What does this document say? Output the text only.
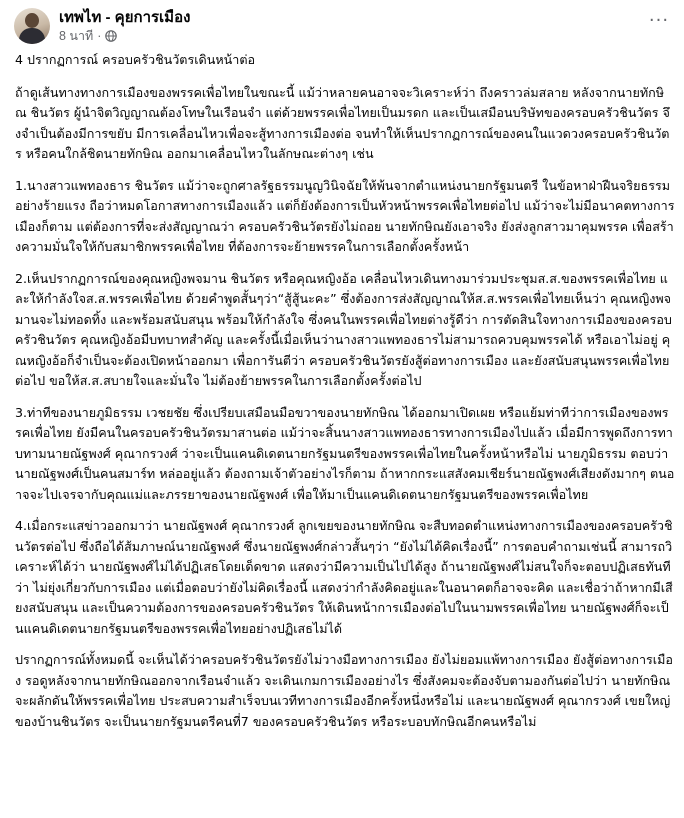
เทพไท - คุยการเมือง
8 นาที ·
···

4 ปรากฏการณ์ ครอบครัวชินวัตรเดินหน้าต่อ

ถ้าดูเส้นทางทางการเมืองของพรรคเพื่อไทยในขณะนี้ แม้ว่าหลายคนอาจจะวิเคราะห์ว่า ถึงคราวล่มสลาย หลังจากนายทักษิณ ชินวัตร ผู้นำจิตวิญญาณต้องโทษในเรือนจำ แต่ด้วยพรรคเพื่อไทยเป็นมรดก และเป็นเสมือนบริษัทของครอบครัวชินวัตร จึงจำเป็นต้องมีการขยับ มีการเคลื่อนไหวเพื่อจะสู้ทางการเมืองต่อ จนทำให้เห็นปรากฏการณ์ของคนในแวดวงครอบครัวชินวัตร หรือคนใกล้ชิดนายทักษิณ ออกมาเคลื่อนไหวในลักษณะต่างๆ เช่น

1.นางสาวแพทองธาร ชินวัตร แม้ว่าจะถูกศาลรัฐธรรมนูญวินิจฉัยให้พ้นจากตำแหน่งนายกรัฐมนตรี ในข้อหาฝ่าฝืนจริยธรรมอย่างร้ายแรง ถือว่าหมดโอกาสทางการเมืองแล้ว แต่ก็ยังต้องการเป็นหัวหน้าพรรคเพื่อไทยต่อไป แม้ว่าจะไม่มีอนาคตทางการเมืองก็ตาม แต่ต้องการที่จะส่งสัญญาณว่า ครอบครัวชินวัตรยังไม่ถอย นายทักษิณยังเอาจริง ยังส่งลูกสาวมาคุมพรรค เพื่อสร้างความมั่นใจให้กับสมาชิกพรรคเพื่อไทย ที่ต้องการจะย้ายพรรคในการเลือกตั้งครั้งหน้า

2.เห็นปรากฏการณ์ของคุณหญิงพจมาน ชินวัตร หรือคุณหญิงอ้อ เคลื่อนไหวเดินทางมาร่วมประชุมส.ส.ของพรรคเพื่อไทย และให้กำลังใจส.ส.พรรคเพื่อไทย ด้วยคำพูดสั้นๆว่า“สู้สู้นะคะ” ซึ่งต้องการส่งสัญญาณให้ส.ส.พรรคเพื่อไทยเห็นว่า คุณหญิงพจมานจะไม่ทอดทิ้ง และพร้อมสนับสนุน พร้อมให้กำลังใจ ซึ่งคนในพรรคเพื่อไทยต่างรู้ดีว่า การตัดสินใจทางการเมืองของครอบครัวชินวัตร คุณหญิงอ้อมีบทบาทสำคัญ และครั้งนี้เมื่อเห็นว่านางสาวแพทองธารไม่สามารถควบคุมพรรคได้ หรือเอาไม่อยู่ คุณหญิงอ้อก็จำเป็นจะต้องเปิดหน้าออกมา เพื่อการันตีว่า ครอบครัวชินวัตรยังสู้ต่อทางการเมือง และยังสนับสนุนพรรคเพื่อไทยต่อไป ขอให้ส.ส.สบายใจและมั่นใจ ไม่ต้องย้ายพรรคในการเลือกตั้งครั้งต่อไป

3.ท่าทีของนายภูมิธรรม เวชยชัย ซึ่งเปรียบเสมือนมือขวาของนายทักษิณ ได้ออกมาเปิดเผย หรือแย้มท่าทีว่าการเมืองของพรรคเพื่อไทย ยังมีคนในครอบครัวชินวัตรมาสานต่อ แม้ว่าจะสิ้นนางสาวแพทองธารทางการเมืองไปแล้ว เมื่อมีการพูดถึงการทาบทามนายณัฐพงศ์ คุณากรวงศ์ ว่าจะเป็นแคนดิเดตนายกรัฐมนตรีของพรรคเพื่อไทยในครั้งหน้าหรือไม่ นายภูมิธรรม ตอบว่า นายณัฐพงศ์เป็นคนสมาร์ท หล่ออยู่แล้ว ต้องถามเจ้าตัวอย่างไรก็ตาม ถ้าหากกระแสสังคมเชียร์นายณัฐพงศ์เสียงดังมากๆ ตนอาจจะไปเจรจากับคุณแม่และภรรยาของนายณัฐพงศ์ เพื่อให้มาเป็นแคนดิเดตนายกรัฐมนตรีของพรรคเพื่อไทย

4.เมื่อกระแสข่าวออกมาว่า นายณัฐพงศ์ คุณากรวงศ์ ลูกเขยของนายทักษิณ จะสืบทอดตำแหน่งทางการเมืองของครอบครัวชินวัตรต่อไป ซึ่งถือได้ส้มภาษณ์นายณัฐพงศ์ ซึ่งนายณัฐพงศ์กล่าวสั้นๆว่า “ยังไม่ได้คิดเรื่องนี้” การตอบคำถามเช่นนี้ สามารถวิเคราะห์ได้ว่า นายณัฐพงศ์ไม่ได้ปฏิเสธโดยเด็ดขาด แสดงว่ามีความเป็นไปได้สูง ถ้านายณัฐพงศ์ไม่สนใจก็จะตอบปฏิเสธทันทีว่า ไม่ยุ่งเกี่ยวกับการเมือง แต่เมื่อตอบว่ายังไม่คิดเรื่องนี้ แสดงว่ากำลังคิดอยู่และในอนาคตก็อาจจะคิด และเชื่อว่าถ้าหากมีเสียงสนับสนุน และเป็นความต้องการของครอบครัวชินวัตร ให้เดินหน้าการเมืองต่อไปในนามพรรคเพื่อไทย นายณัฐพงศ์ก็จะเป็นแคนดิเดตนายกรัฐมนตรีของพรรคเพื่อไทยอย่างปฏิเสธไม่ได้

ปรากฏการณ์ทั้งหมดนี้ จะเห็นได้ว่าครอบครัวชินวัตรยังไม่วางมือทางการเมือง ยังไม่ยอมแพ้ทางการเมือง ยังสู้ต่อทางการเมือง รอดูหลังจากนายทักษิณออกจากเรือนจำแล้ว จะเดินเกมการเมืองอย่างไร ซึ่งสังคมจะต้องจับตามองกันต่อไปว่า นายทักษิณจะผลักดันให้พรรคเพื่อไทย ประสบความสำเร็จบนเวทีทางการเมืองอีกครั้งหนึ่งหรือไม่ และนายณัฐพงศ์ คุณากรวงศ์ เขยใหญ่ของบ้านชินวัตร จะเป็นนายกรัฐมนตรีคนที่7 ของครอบครัวชินวัตร หรือระบอบทักษิณอีกคนหรือไม่
